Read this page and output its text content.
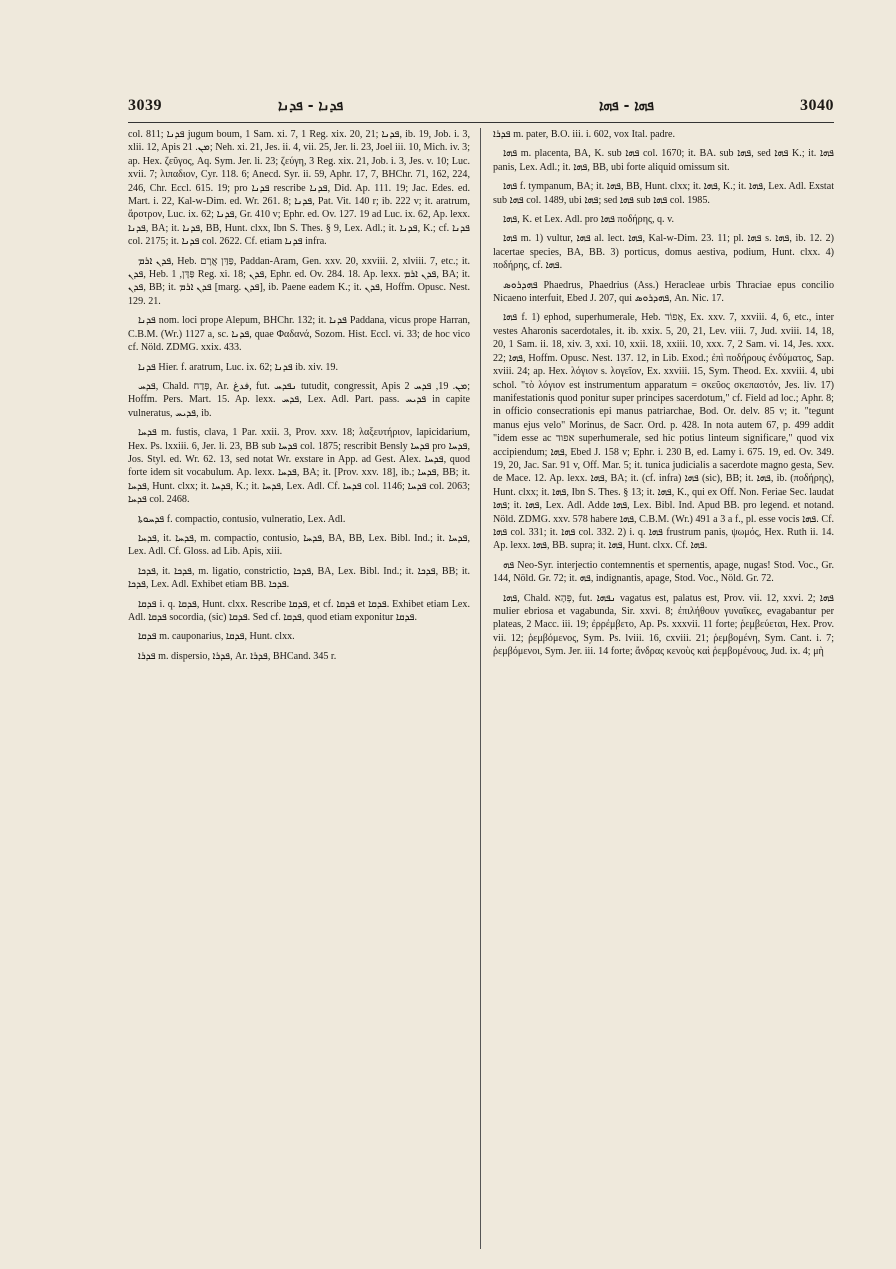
3039	ܦܕܢܐ - ܦܕܢܐ	ܦܗܐ - ܦܗܐ	3040

col. 811; ܦܕܢܐ jugum boum, 1 Sam. xi. 7, 1 Reg. xix. 20, 21; ܦܕܢܐ, ib. 19, Job. i. 3, xlii. 12, Apis ܡܢ. 21; Neh. xi. 21, Jes. ii. 4, vii. 25, Jer. li. 23, Joel iii. 10, Mich. iv. 3; ap. Hex. ζεῦγος, Aq. Sym. Jer. li. 23; ζεύγη, 3 Reg. xix. 21, Job. i. 3, Jes. v. 10; Luc. xvii. 7; λιπαδιον, Cyr. 118. 6; Anecd. Syr. ii. 59, Aphr. 17, 7, BHChr. 71, 162, 224, 246, Chr. Eccl. 615. 19; pro ܦܕܢܐ rescribe ܦܕܢܐ, Did. Ap. 111. 19; Jac. Edes. ed. Mart. i. 22, Kal-w-Dim. ed. Wr. 261. 8; ܦܕܢܐ, Pat. Vit. 140 r; ib. 222 v; it. aratrum, ἄροτρον, Luc. ix. 62; ܦܕܢܐ, Gr. 410 v; Ephr. ed. Ov. 127. 19 ad Luc. ix. 62, Ap. lexx. ܦܕܢܐ, BA; it. ܦܕܢܐ, BB, Hunt. clxx, Ibn S. Thes. § 9, Lex. Adl.; it. ܦܕܢܐ, K.; cf. ܦܕܢܐ col. 2175; it. ܦܕܢܐ col. 2622. Cf. etiam ܦܕܢܐ infra.

ܦܕܢ ܐܪܡ, Heb. פַּדַּן אֲרָם, Paddan-Aram, Gen. xxv. 20, xxviii. 2, xlviii. 7, etc.; it. ܦܕܢ, Heb. פַּדָּן, 1 Reg. xi. 18; ܦܕܢ, Ephr. ed. Ov. 284. 18. Ap. lexx. ܦܕܢ ܐܪܡ, BA; it. ܦܕܢ, BB; it. ܦܕܢ ܐܪܡ [marg. ܦܕܢ], ib. Paene eadem K.; it. ܦܕܢ, Hoffm. Opusc. Nest. 129. 21.

ܦܕܢܐ nom. loci prope Alepum, BHChr. 132; it. ܦܕܢܐ Paddana, vicus prope Harran, C.B.M. (Wr.) 1127 a, sc. ܦܕܢܐ, quae Φαδανά, Sozom. Hist. Eccl. vi. 33; de hoc vico cf. Nöld. ZDMG. xxix. 433.

ܦܕܢܐ Hier. f. aratrum, Luc. ix. 62; ܦܕܢܐ ib. xiv. 19.

ܦܕܚ, Chald. פְּדַח, Ar. فدغ, fut. ܢܦܕܚ tutudit, congressit, Apis ܡܢ. 19, ܦܕܚ 2; Hoffm. Pers. Mart. 15. Ap. lexx. ܦܕܚ, Lex. Adl. Part. pass. ܦܕܝܚ in capite vulneratus, ܦܕܝܚ, ib.

ܦܕܚܐ m. fustis, clava, 1 Par. xxii. 3, Prov. xxv. 18; λαξευτήριον, lapicidarium, Hex. Ps. lxxiii. 6, Jer. li. 23, BB sub ܦܕܚܐ col. 1875; rescribit Bensly ܦܕܚܐ pro ܦܕܚܐ, Jos. Styl. ed. Wr. 62. 13, sed notat Wr. exstare in App. ad Gest. Alex. ܦܕܚܐ, quod forte idem sit vocabulum. Ap. lexx. ܦܕܚܐ, BA; it. [Prov. xxv. 18], ib.; ܦܕܚܐ, BB; it. ܦܕܚܐ, Hunt. clxx; it. ܦܕܚܐ, K.; it. ܦܕܚܐ, Lex. Adl. Cf. ܦܕܚܐ col. 1146; ܦܕܚܐ col. 2063; ܦܕܚܐ col. 2468.

ܦܕܚܘܬܐ f. compactio, contusio, vulneratio, Lex. Adl.

ܦܕܚܐ, it. ܦܕܚܐ, m. compactio, contusio, ܦܕܚܐ, BA, BB, Lex. Bibl. Ind.; it. ܦܕܚܐ, Lex. Adl. Cf. Gloss. ad Lib. Apis, xiii.

ܦܕܟܐ, it. ܦܕܟܐ, m. ligatio, constrictio, ܦܕܟܐ, BA, Lex. Bibl. Ind.; it. ܦܕܟܐ, BB; it. ܦܕܟܐ, Lex. Adl. Exhibet etiam BB. ܦܕܟܐ.

ܦܕܩܐ i. q. ܦܕܩܐ, Hunt. clxx. Rescribe ܦܕܩܐ, et cf. ܦܕܩܐ et ܦܕܩܐ. Exhibet etiam Lex. Adl. ܦܕܩܐ socordia, (sic) ܦܕܩܐ. Sed cf. ܦܕܩܐ, quod etiam exponitur ܦܕܩܐ.

ܦܕܩܐ m. cauponarius, ܦܕܩܐ, Hunt. clxx.

ܦܕܪܐ m. dispersio, ܦܕܪܐ, Ar. ܦܕܪܐ, BHCand. 345 r.

ܦܕܪܐ m. pater, B.O. iii. i. 602, vox Ital. padre.

ܦܗܐ m. placenta, BA, K. sub ܦܗܐ col. 1670; it. BA. sub ܦܗܐ, sed ܦܗܐ K.; it. ܦܗܐ panis, Lex. Adl.; it. ܦܗܐ, BB, ubi forte aliquid omissum sit.

ܦܗܐ f. tympanum, BA; it. ܦܗܐ, BB, Hunt. clxx; it. ܦܗܐ, K.; it. ܦܗܐ, Lex. Adl. Exstat sub ܦܗܐ col. 1489, ubi ܦܗܐ; sed ܦܗܐ sub ܦܗܐ col. 1985.

ܦܗܐ, K. et Lex. Adl. pro ܦܗܐ ποδήρης, q. v.

ܦܗܐ m. 1) vultur, ܦܗܐ al. lect. ܦܗܐ, Kal-w-Dim. 23. 11; pl. ܦܗܐ s. ܦܗܐ, ib. 12. 2) lacertae species, BA, BB. 3) porticus, domus aestiva, podium, Hunt. clxx. 4) ποδήρης, cf. ܦܗܐ.

ܦܗܕܪܘܣ Phaedrus, Phaedrius (Ass.) Heracleae urbis Thraciae epus concilio Nicaeno interfuit, Ebed J. 207, qui ܦܗܕܪܘܣ, An. Nic. 17.

ܦܗܐ f. 1) ephod, superhumerale, Heb. אֵפוֹד, Ex. xxv. 7, xxviii. 4, 6, etc., inter vestes Aharonis sacerdotales, it. ib. xxix. 5, 20, 21, Lev. viii. 7, Jud. xviii. 14, 18, 20, 1 Sam. ii. 18, xiv. 3, xxi. 10, xxii. 18, xxiii. 10, xxx. 7, 2 Sam. vi. 14, Jes. xxx. 22; ܦܗܐ, Hoffm. Opusc. Nest. 137. 12, in Lib. Exod.; ἐπὶ ποδήρους ἐνδύματος, Sap. xviii. 24; ap. Hex. λόγιον s. λογεῖον, Ex. xxviii. 15, Sym. Theod. Ex. xxviii. 4, ubi schol. "τὸ λόγιον est instrumentum apparatum = σκεῦος σκεπαστόν, Jes. liv. 17) manifestationis quod ponitur super principes sacerdotum," cf. Field ad loc.; Aphr. 8; in officio consecrationis epi manus patriarchae, Bod. Or. delv. 85 v; it. "tegunt manus ejus velo" Morinus, de Sacr. Ord. p. 428. In nota autem 67, p. 499 addit "idem esse ac אפוד superhumerale, sed hic potius linteum significare," quod vix accipiendum; ܦܗܐ, Ebed J. 158 v; Ephr. i. 230 B, ed. Lamy i. 675. 19, ed. Ov. 349. 19, 20, Jac. Sar. 91 v, Off. Mar. 5; it. tunica judicialis a sacerdote magno gesta, Sev. de Mace. 12. Ap. lexx. ܦܗܐ, BA; it. (cf. infra) ܦܗܐ (sic), BB; it. ܦܗܐ, ib. (ποδήρης), Hunt. clxx; it. ܦܗܐ, Ibn S. Thes. § 13; it. ܦܗܐ, K., qui ex Off. Non. Feriae Sec. laudat ܦܗܐ; it. ܦܗܐ, Lex. Adl. Adde ܦܗܐ, Lex. Bibl. Ind. Apud BB. pro legend. et notand. Nöld. ZDMG. xxv. 578 habere ܦܗܐ, C.B.M. (Wr.) 491 a 3 a f., pl. esse vocis ܦܗܐ. Cf. ܦܗܐ col. 331; it. ܦܗܐ col. 332. 2) i. q. ܦܗܐ frustrum panis, ψωμός, Hex. Ruth ii. 14. Ap. lexx. ܦܗܐ, BB. supra; it. ܦܗܐ, Hunt. clxx. Cf. ܦܗܐ.

ܦܗ Neo-Syr. interjectio contemnentis et spernentis, apage, nugas! Stod. Voc., Gr. 144, Nöld. Gr. 72; it. ܦܗ, indignantis, apage, Stod. Voc., Nöld. Gr. 72.

ܦܗܐ, Chald. פְּהָא, fut. ܢܦܗܐ vagatus est, palatus est, Prov. vii. 12, xxvi. 2; ܦܗܐ mulier ebriosa et vagabunda, Sir. xxvi. 8; ἐπιλήθουν γυναῖκες, evagabantur per plateas, 2 Macc. iii. 19; ἐρρέμβετο, Ap. Ps. xxxvii. 11 forte; ῥεμβεύεται, Hex. Prov. vii. 12; ῥεμβόμενος, Sym. Ps. lviii. 16, cxviii. 21; ῥεμβομένη, Sym. Cant. i. 7; ῥεμβόμενοι, Sym. Jer. iii. 14 forte; ἄνδρας κενοὺς καὶ ῥεμβομένους, Jud. ix. 4; μὴ
